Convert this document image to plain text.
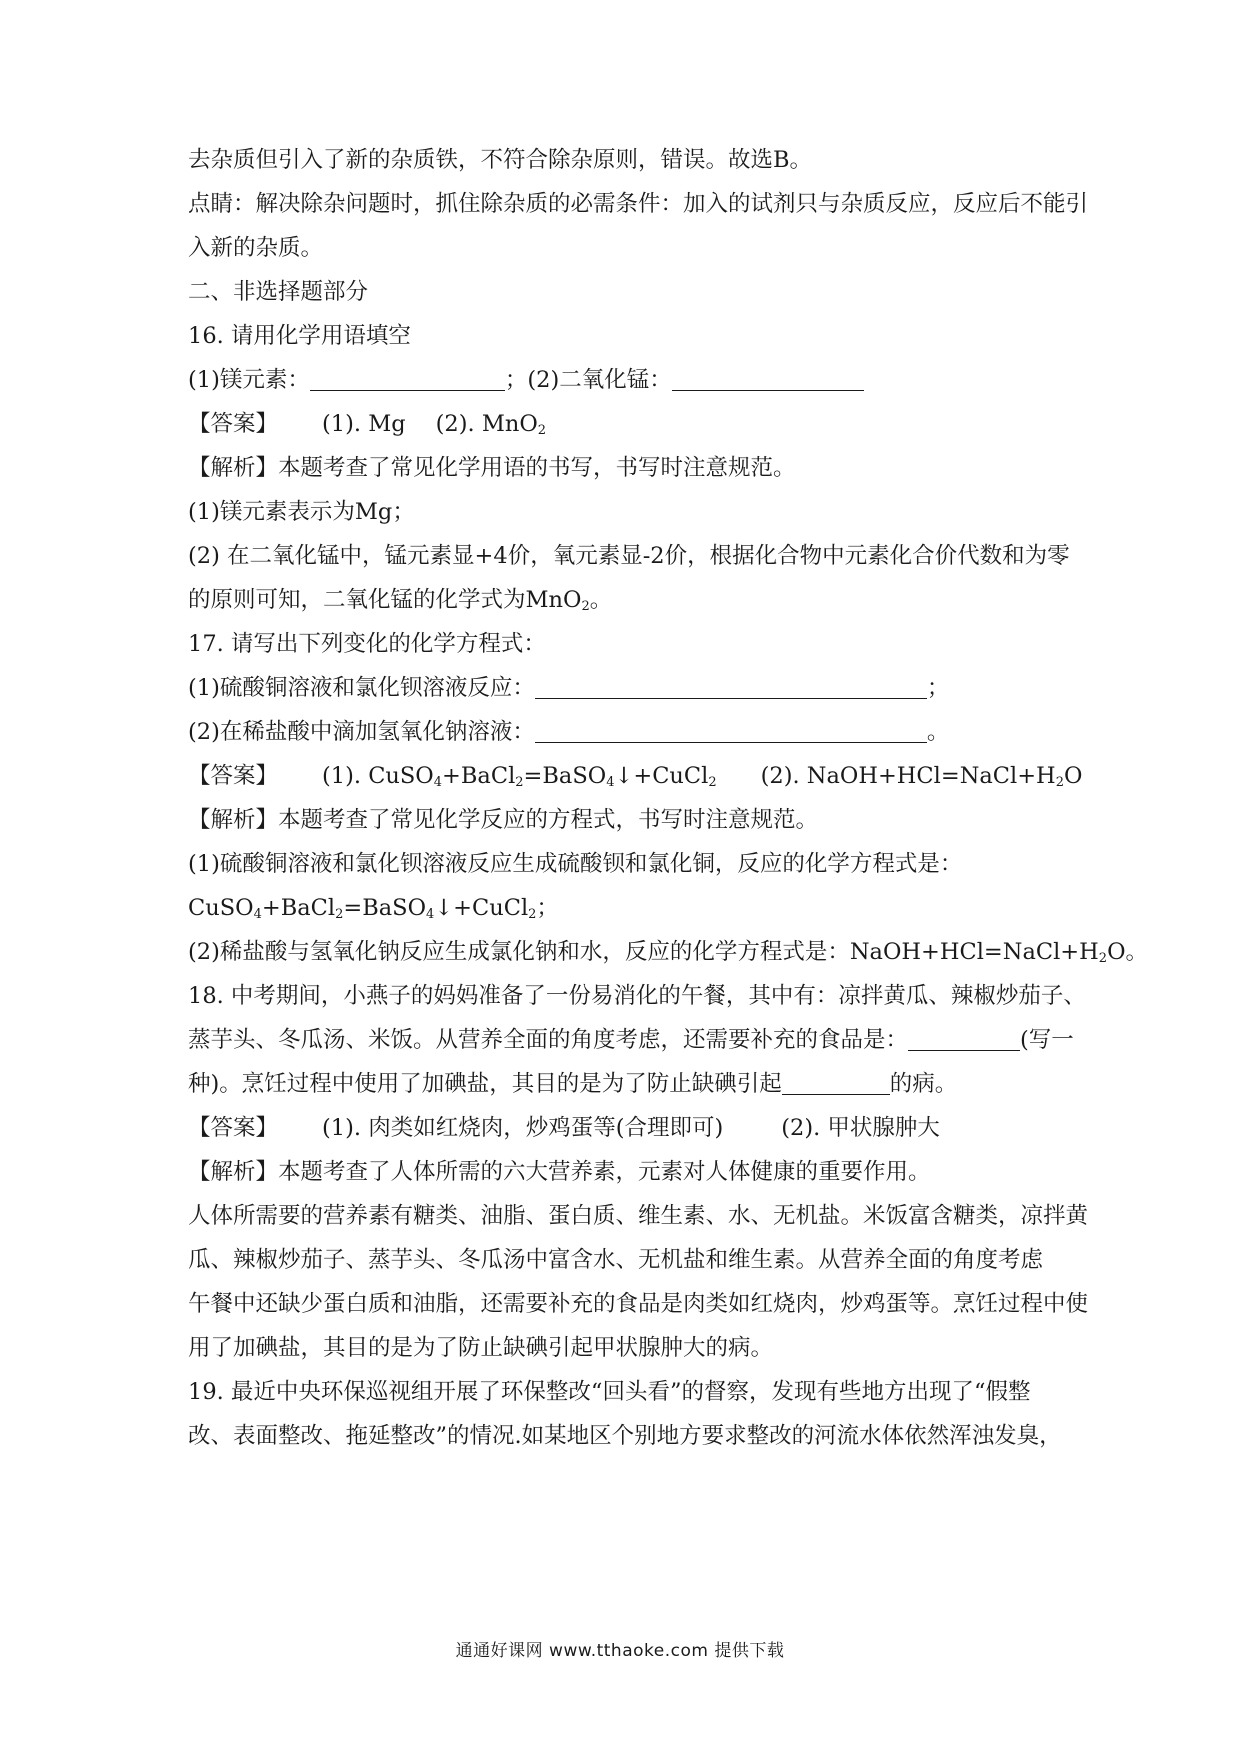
去杂质但引入了新的杂质铁，不符合除杂原则，错误。故选B。
点睛：解决除杂问题时，抓住除杂质的必需条件：加入的试剂只与杂质反应，反应后不能引
入新的杂质。
二、非选择题部分
16. 请用化学用语填空
(1)镁元素：	；(2)二氧化锰：
【答案】 (1). Mg (2). MnO$_2$
【解析】本题考查了常见化学用语的书写，书写时注意规范。
(1)镁元素表示为Mg；
(2) 在二氧化锰中，锰元素显+4价，氧元素显-2价，根据化合物中元素化合价代数和为零
的原则可知，二氧化锰的化学式为MnO$_2$。
17. 请写出下列变化的化学方程式：
(1)硫酸铜溶液和氯化钡溶液反应：	；
(2)在稀盐酸中滴加氢氧化钠溶液：	。
【答案】 (1). CuSO$_4$+BaCl$_2$=BaSO$_4$↓+CuCl$_2$ (2). $NaOH+HCl=NaCl+H_2O$
【解析】本题考查了常见化学反应的方程式，书写时注意规范。
(1)硫酸铜溶液和氯化钡溶液反应生成硫酸钡和氯化铜，反应的化学方程式是：
CuSO$_4$+BaCl$_2$=BaSO$_4$↓+CuCl$_2$；
(2)稀盐酸与氢氧化钠反应生成氯化钠和水，反应的化学方程式是：$NaOH+HCl=NaCl+H_2O$。
18. 中考期间，小燕子的妈妈准备了一份易消化的午餐，其中有：凉拌黄瓜、辣椒炒茄子、
蒸芋头、冬瓜汤、米饭。从营养全面的角度考虑，还需要补充的食品是：	(写一
种)。烹饪过程中使用了加碘盐，其目的是为了防止缺碘引起	的病。
【答案】 (1). 肉类如红烧肉，炒鸡蛋等(合理即可)	(2). 甲状腺肿大
【解析】本题考查了人体所需的六大营养素，元素对人体健康的重要作用。
人体所需要的营养素有糖类、油脂、蛋白质、维生素、水、无机盐。米饭富含糖类，凉拌黄
瓜、辣椒炒茄子、蒸芋头、冬瓜汤中富含水、无机盐和维生素。从营养全面的角度考虑
午餐中还缺少蛋白质和油脂，还需要补充的食品是肉类如红烧肉，炒鸡蛋等。烹饪过程中使
用了加碘盐，其目的是为了防止缺碘引起甲状腺肿大的病。
19. 最近中央环保巡视组开展了环保整改“回头看”的督察，发现有些地方出现了“假整
改、表面整改、拖延整改”的情况.如某地区个别地方要求整改的河流水体依然浑浊发臭，
通通好课网 www.tthaoke.com 提供下载
